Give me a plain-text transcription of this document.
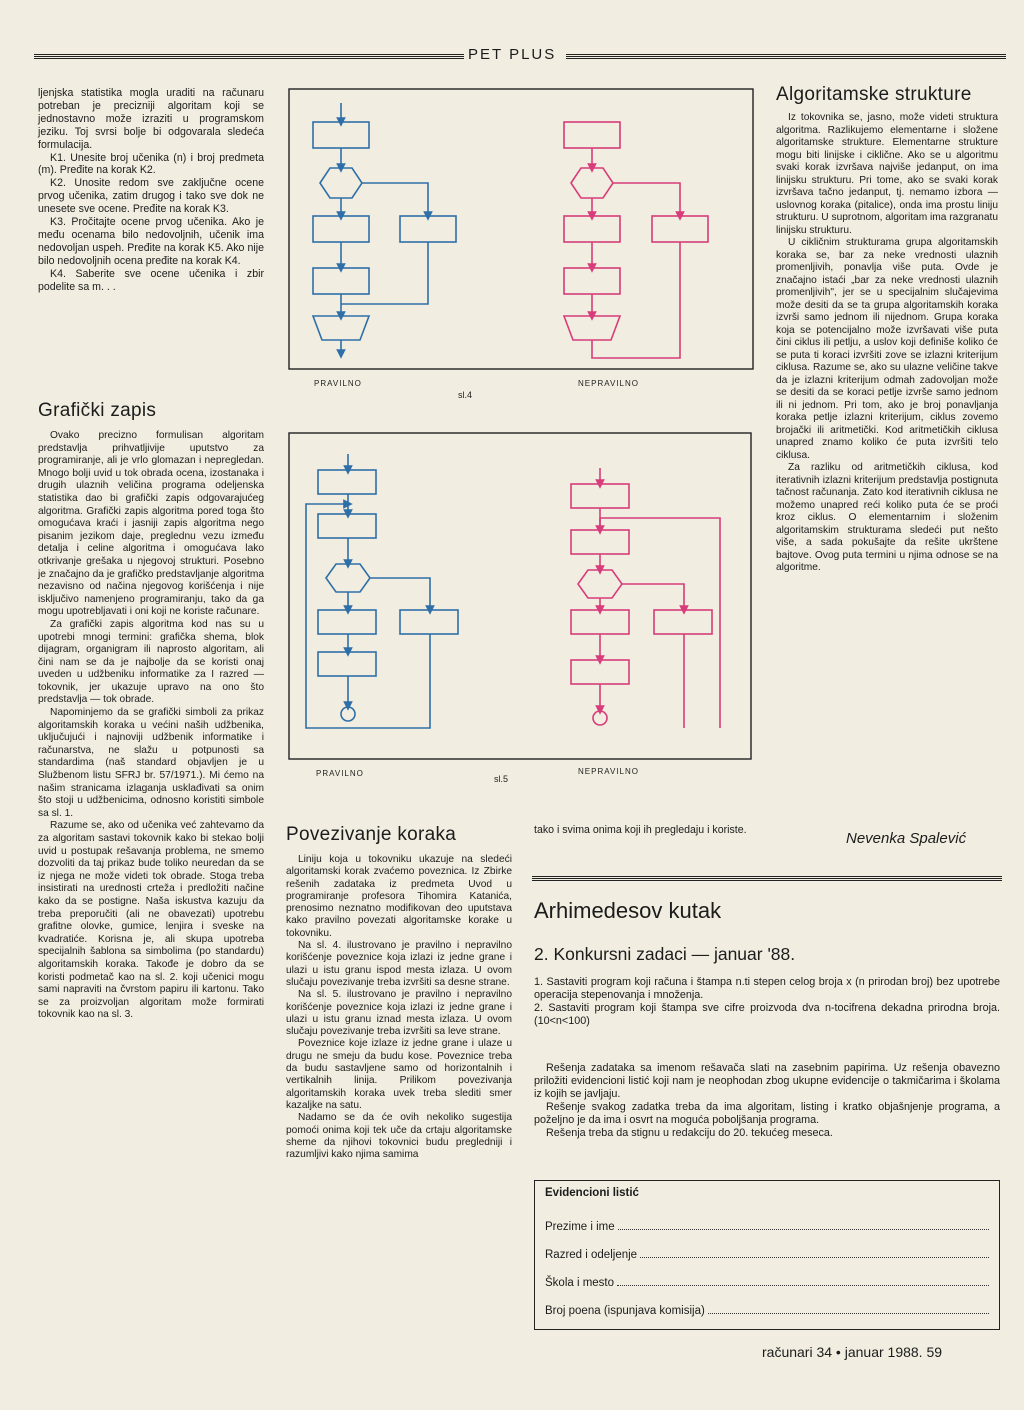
PET PLUS

ljenjska statistika mogla uraditi na računaru potreban je precizniji algoritam koji se jednostavno može izraziti u programskom jeziku. Toj svrsi bolje bi odgovarala sledeća formulacija.

K1. Unesite broj učenika (n) i broj predmeta (m). Pređite na korak K2.

K2. Unosite redom sve zaključne ocene prvog učenika, zatim drugog i tako sve dok ne unesete sve ocene. Pređite na korak K3.

K3. Pročitajte ocene prvog učenika. Ako je među ocenama bilo nedovoljnih, učenik ima nedovoljan uspeh. Pređite na korak K5. Ako nije bilo nedovoljnih ocena pređite na korak K4.

K4. Saberite sve ocene učenika i zbir podelite sa m. . .

Grafički zapis

Ovako precizno formulisan algoritam predstavlja prihvatljivije uputstvo za programiranje, ali je vrlo glomazan i nepregledan. Mnogo bolji uvid u tok obrada ocena, izostanaka i drugih ulaznih veličina programa odeljenska statistika dao bi grafički zapis odgovarajućeg algoritma. Grafički zapis algoritma pored toga što omogućava kraći i jasniji zapis algoritma nego pisanim jezikom daje, preglednu vezu između detalja i celine algoritma i omogućava lako otkrivanje grešaka u njegovoj strukturi. Posebno je značajno da je grafičko predstavljanje algoritma nezavisno od načina njegovog korišćenja i nije isključivo namenjeno programiranju, tako da ga mogu upotrebljavati i oni koji ne koriste računare.

Za grafički zapis algoritma kod nas su u upotrebi mnogi termini: grafička shema, blok dijagram, organigram ili naprosto algoritam, ali čini nam se da je najbolje da se koristi onaj uveden u udžbeniku informatike za I razred — tokovnik, jer ukazuje upravo na ono što predstavlja — tok obrade.

Napominjemo da se grafički simboli za prikaz algoritamskih koraka u većini naših udžbenika, uključujući i najnoviji udžbenik informatike i računarstva, ne slažu u potpunosti sa standardima (naš standard objavljen je u Službenom listu SFRJ br. 57/1971.). Mi ćemo na našim stranicama izlaganja usklađivati sa onim što stoji u udžbenicima, odnosno koristiti simbole sa sl. 1.

Razume se, ako od učenika već zahtevamo da za algoritam sastavi tokovnik kako bi stekao bolji uvid u postupak rešavanja problema, ne smemo dozvoliti da taj prikaz bude toliko neuredan da se iz njega ne može videti tok obrade. Stoga treba insistirati na urednosti crteža i predložiti načine kako da se postigne. Naša iskustva kazuju da treba preporučiti (ali ne obavezati) upotrebu grafitne olovke, gumice, lenjira i sveske na kvadratiće. Korisna je, ali skupa upotreba specijalnih šablona sa simbolima (po standardu) algoritamskih koraka. Takođe je dobro da se koristi podmetač kao na sl. 2. koji učenici mogu sami napraviti na čvrstom papiru ili kartonu. Tako se za proizvoljan algoritam može formirati tokovnik kao na sl. 3.

PRAVILNO
sl.4
NEPRAVILNO
PRAVILNO
sl.5
NEPRAVILNO
Povezivanje koraka

Liniju koja u tokovniku ukazuje na sledeći algoritamski korak zvaćemo poveznica. Iz Zbirke rešenih zadataka iz predmeta Uvod u programiranje profesora Tihomira Katanića, prenosimo neznatno modifikovan deo uputstava kako pravilno povezati algoritamske korake u tokovniku.

Na sl. 4. ilustrovano je pravilno i nepravilno korišćenje poveznice koja izlazi iz jedne grane i ulazi u istu granu ispod mesta izlaza. U ovom slučaju povezivanje treba izvršiti sa desne strane.

Na sl. 5. ilustrovano je pravilno i nepravilno korišćenje poveznice koja izlazi iz jedne grane i ulazi u istu granu iznad mesta izlaza. U ovom slučaju povezivanje treba izvršiti sa leve strane.

Poveznice koje izlaze iz jedne grane i ulaze u drugu ne smeju da budu kose. Poveznice treba da budu sastavljene samo od horizontalnih i vertikalnih linija. Prilikom povezivanja algoritamskih koraka uvek treba slediti smer kazaljke na satu.

Nadamo se da će ovih nekoliko sugestija pomoći onima koji tek uče da crtaju algoritamske sheme da njihovi tokovnici budu pregledniji i razumljivi kako njima samima

Algoritamske strukture

Iz tokovnika se, jasno, može videti struktura algoritma. Razlikujemo elementarne i složene algoritamske strukture. Elementarne strukture mogu biti linijske i ciklične. Ako se u algoritmu svaki korak izvršava najviše jedanput, on ima linijsku strukturu. Pri tome, ako se svaki korak izvršava tačno jedanput, tj. nemamo izbora — uslovnog koraka (pitalice), onda ima prostu liniju strukturu. U suprotnom, algoritam ima razgranatu linijsku strukturu.

U cikličnim strukturama grupa algoritamskih koraka se, bar za neke vrednosti ulaznih promenljivih, ponavlja više puta. Ovde je značajno istaći „bar za neke vrednosti ulaznih promenljivih", jer se u specijalnim slučajevima može desiti da se ta grupa algoritamskih koraka izvrši samo jednom ili nijednom. Grupa koraka koja se potencijalno može izvršavati više puta čini ciklus ili petlju, a uslov koji definiše koliko će se puta ti koraci izvršiti zove se izlazni kriterijum ciklusa. Razume se, ako su ulazne veličine takve da je izlazni kriterijum odmah zadovoljan može se desiti da se koraci petlje izvrše samo jednom ili ni jednom. Pri tom, ako je broj ponavljanja koraka petlje izlazni kriterijum, ciklus zovemo brojački ili aritmetički. Kod aritmetičkih ciklusa unapred znamo koliko će puta izvršiti telo ciklusa.

Za razliku od aritmetičkih ciklusa, kod iterativnih izlazni kriterijum predstavlja postignuta tačnost računanja. Zato kod iterativnih ciklusa ne možemo unapred reći koliko puta će se proći kroz ciklus. O elementarnim i složenim algoritamskim strukturama sledeći put nešto više, a sada pokušajte da rešite ukrštene bajtove. Ovog puta termini u njima odnose se na algoritme.

tako i svima onima koji ih pregledaju i koriste.	Nevenka Spalević
Arhimedesov kutak
2. Konkursni zadaci — januar '88.

1. Sastaviti program koji računa i štampa n.ti stepen celog broja x (n prirodan broj) bez upotrebe operacija stepenovanja i množenja.

2. Sastaviti program koji štampa sve cifre proizvoda dva n-tocifrena dekadna prirodna broja. (10<n<100)

Rešenja zadataka sa imenom rešavača slati na zasebnim papirima. Uz rešenja obavezno priložiti evidencioni listić koji nam je neophodan zbog ukupne evidencije o takmičarima i školama iz kojih se javljaju.

Rešenje svakog zadatka treba da ima algoritam, listing i kratko objašnjenje programa, a poželjno je da ima i osvrt na moguća poboljšanja programa.

Rešenja treba da stignu u redakciju do 20. tekućeg meseca.

Evidencioni listić
Prezime i ime
Razred i odeljenje
Škola i mesto
Broj poena (ispunjava komisija)
računari 34 • januar 1988. 59
